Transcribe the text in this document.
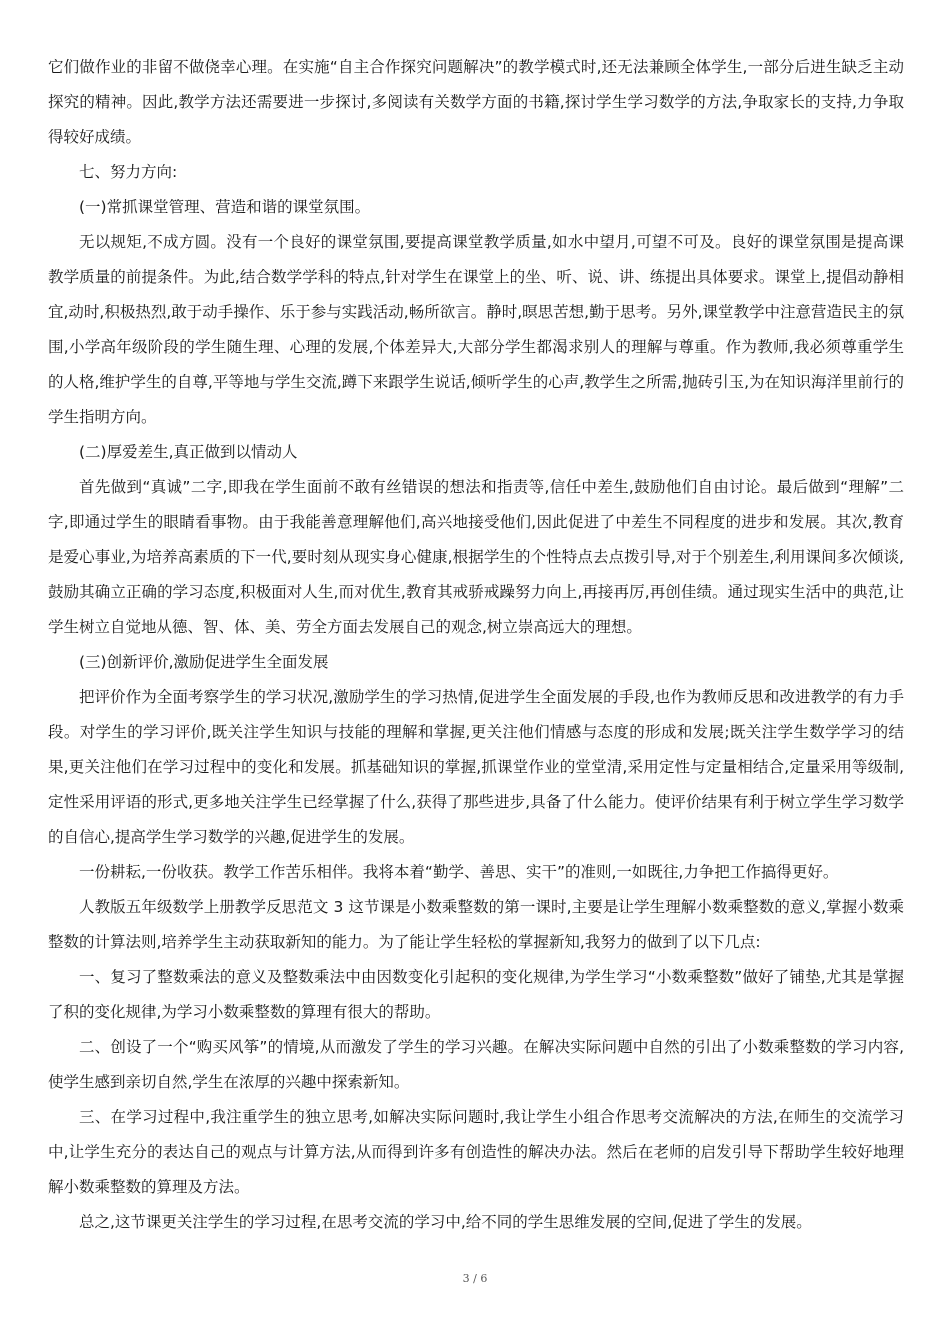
它们做作业的非留不做侥幸心理。在实施“自主合作探究问题解决”的教学模式时,还无法兼顾全体学生,一部分后进生缺乏主动探究的精神。因此,教学方法还需要进一步探讨,多阅读有关数学方面的书籍,探讨学生学习数学的方法,争取家长的支持,力争取得较好成绩。

七、努力方向:

(一)常抓课堂管理、营造和谐的课堂氛围。

无以规矩,不成方圆。没有一个良好的课堂氛围,要提高课堂教学质量,如水中望月,可望不可及。良好的课堂氛围是提高课教学质量的前提条件。为此,结合数学学科的特点,针对学生在课堂上的坐、听、说、讲、练提出具体要求。课堂上,提倡动静相宜,动时,积极热烈,敢于动手操作、乐于参与实践活动,畅所欲言。静时,暝思苦想,勤于思考。另外,课堂教学中注意营造民主的氛围,小学高年级阶段的学生随生理、心理的发展,个体差异大,大部分学生都渴求别人的理解与尊重。作为教师,我必须尊重学生的人格,维护学生的自尊,平等地与学生交流,蹲下来跟学生说话,倾听学生的心声,教学生之所需,抛砖引玉,为在知识海洋里前行的学生指明方向。

(二)厚爱差生,真正做到以情动人

首先做到“真诚”二字,即我在学生面前不敢有丝错误的想法和指责等,信任中差生,鼓励他们自由讨论。最后做到“理解”二字,即通过学生的眼睛看事物。由于我能善意理解他们,高兴地接受他们,因此促进了中差生不同程度的进步和发展。其次,教育是爱心事业,为培养高素质的下一代,要时刻从现实身心健康,根据学生的个性特点去点拨引导,对于个别差生,利用课间多次倾谈,鼓励其确立正确的学习态度,积极面对人生,而对优生,教育其戒骄戒躁努力向上,再接再厉,再创佳绩。通过现实生活中的典范,让学生树立自觉地从德、智、体、美、劳全方面去发展自己的观念,树立崇高远大的理想。

(三)创新评价,激励促进学生全面发展

把评价作为全面考察学生的学习状况,激励学生的学习热情,促进学生全面发展的手段,也作为教师反思和改进教学的有力手段。对学生的学习评价,既关注学生知识与技能的理解和掌握,更关注他们情感与态度的形成和发展;既关注学生数学学习的结果,更关注他们在学习过程中的变化和发展。抓基础知识的掌握,抓课堂作业的堂堂清,采用定性与定量相结合,定量采用等级制,定性采用评语的形式,更多地关注学生已经掌握了什么,获得了那些进步,具备了什么能力。使评价结果有利于树立学生学习数学的自信心,提高学生学习数学的兴趣,促进学生的发展。

一份耕耘,一份收获。教学工作苦乐相伴。我将本着“勤学、善思、实干”的准则,一如既往,力争把工作搞得更好。

人教版五年级数学上册教学反思范文 3 这节课是小数乘整数的第一课时,主要是让学生理解小数乘整数的意义,掌握小数乘整数的计算法则,培养学生主动获取新知的能力。为了能让学生轻松的掌握新知,我努力的做到了以下几点:

一、复习了整数乘法的意义及整数乘法中由因数变化引起积的变化规律,为学生学习“小数乘整数”做好了铺垫,尤其是掌握了积的变化规律,为学习小数乘整数的算理有很大的帮助。

二、创设了一个“购买风筝”的情境,从而激发了学生的学习兴趣。在解决实际问题中自然的引出了小数乘整数的学习内容,使学生感到亲切自然,学生在浓厚的兴趣中探索新知。

三、在学习过程中,我注重学生的独立思考,如解决实际问题时,我让学生小组合作思考交流解决的方法,在师生的交流学习中,让学生充分的表达自己的观点与计算方法,从而得到许多有创造性的解决办法。然后在老师的启发引导下帮助学生较好地理解小数乘整数的算理及方法。

总之,这节课更关注学生的学习过程,在思考交流的学习中,给不同的学生思维发展的空间,促进了学生的发展。

3 / 6
